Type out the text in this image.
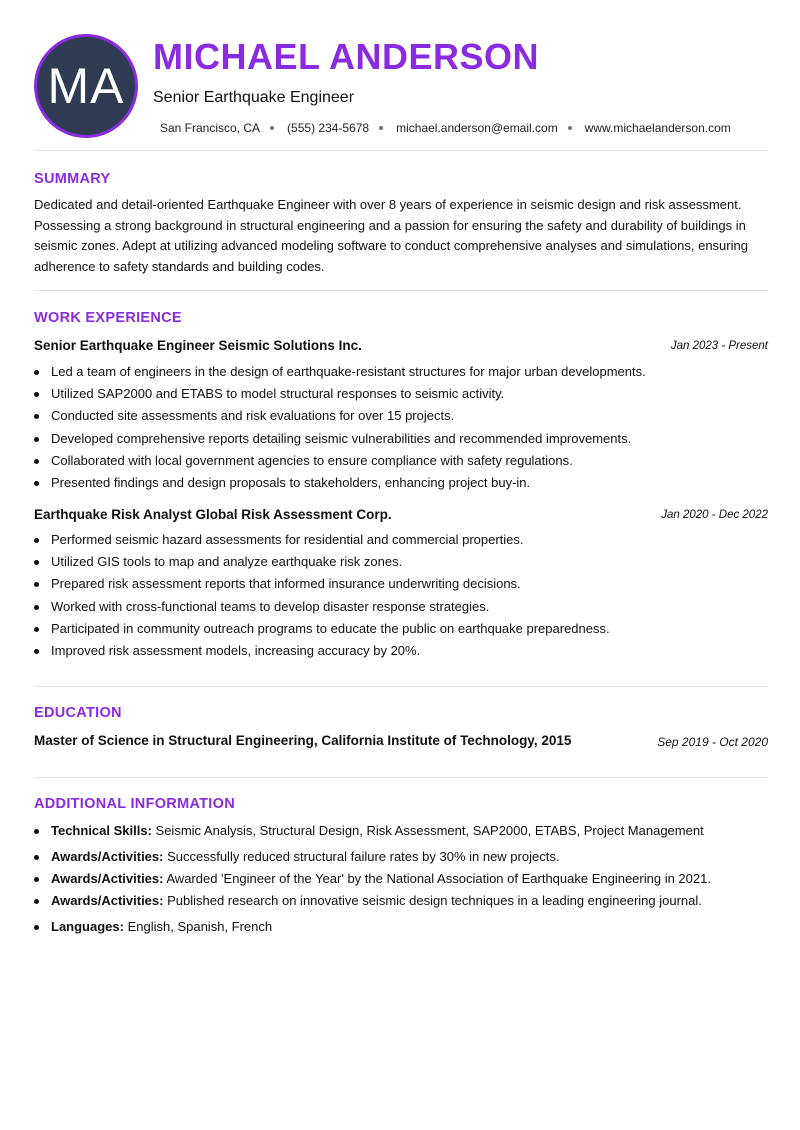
MA
MICHAEL ANDERSON
Senior Earthquake Engineer
San Francisco, CA (555) 234-5678 michael.anderson@email.com www.michaelanderson.com
SUMMARY
Dedicated and detail-oriented Earthquake Engineer with over 8 years of experience in seismic design and risk assessment. Possessing a strong background in structural engineering and a passion for ensuring the safety and durability of buildings in seismic zones. Adept at utilizing advanced modeling software to conduct comprehensive analyses and simulations, ensuring adherence to safety standards and building codes.
WORK EXPERIENCE
Senior Earthquake Engineer Seismic Solutions Inc.	Jan 2023 - Present
Led a team of engineers in the design of earthquake-resistant structures for major urban developments.
Utilized SAP2000 and ETABS to model structural responses to seismic activity.
Conducted site assessments and risk evaluations for over 15 projects.
Developed comprehensive reports detailing seismic vulnerabilities and recommended improvements.
Collaborated with local government agencies to ensure compliance with safety regulations.
Presented findings and design proposals to stakeholders, enhancing project buy-in.
Earthquake Risk Analyst Global Risk Assessment Corp.	Jan 2020 - Dec 2022
Performed seismic hazard assessments for residential and commercial properties.
Utilized GIS tools to map and analyze earthquake risk zones.
Prepared risk assessment reports that informed insurance underwriting decisions.
Worked with cross-functional teams to develop disaster response strategies.
Participated in community outreach programs to educate the public on earthquake preparedness.
Improved risk assessment models, increasing accuracy by 20%.
EDUCATION
Master of Science in Structural Engineering, California Institute of Technology, 2015	Sep 2019 - Oct 2020
ADDITIONAL INFORMATION
Technical Skills: Seismic Analysis, Structural Design, Risk Assessment, SAP2000, ETABS, Project Management
Awards/Activities: Successfully reduced structural failure rates by 30% in new projects.
Awards/Activities: Awarded 'Engineer of the Year' by the National Association of Earthquake Engineering in 2021.
Awards/Activities: Published research on innovative seismic design techniques in a leading engineering journal.
Languages: English, Spanish, French
